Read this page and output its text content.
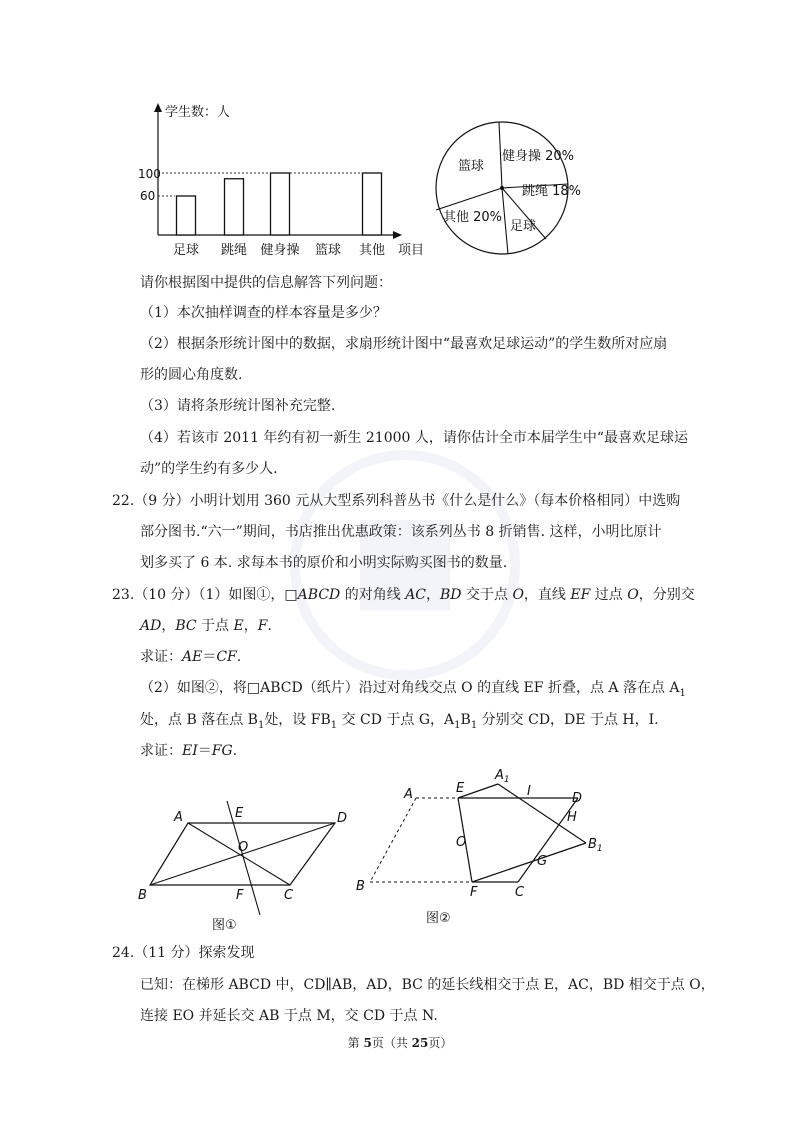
学生数：人
100
60
足球 跳绳 健身操 篮球 其他 项目
篮球
健身操 20%
跳绳 18%
足球
其他 20%
请你根据图中提供的信息解答下列问题：
（1）本次抽样调查的样本容量是多少？
（2）根据条形统计图中的数据，求扇形统计图中“最喜欢足球运动”的学生数所对应扇
形的圆心角度数.
（3）请将条形统计图补充完整.
（4）若该市 2011 年约有初一新生 21000 人，请你估计全市本届学生中“最喜欢足球运
动”的学生约有多少人.
22.（9 分）小明计划用 360 元从大型系列科普丛书《什么是什么》（每本价格相同）中选购
部分图书.“六一”期间，书店推出优惠政策：该系列丛书 8 折销售. 这样，小明比原计
划多买了 6 本. 求每本书的原价和小明实际购买图书的数量.
23.（10 分）（1）如图①，□ABCD 的对角线 AC，BD 交于点 O，直线 EF 过点 O，分别交
AD，BC 于点 E，F.
求证：AE＝CF.
（2）如图②，将□ABCD（纸片）沿过对角线交点 O 的直线 EF 折叠，点 A 落在点 $A_1$
处，点 B 落在点 $B_1$处，设 $FB_1$ 交 CD 于点 G，$A_1B_1$ 分别交 CD，DE 于点 H，I.
求证：EI＝FG.
A	E	D
O
B	F	C
图①
A	E
$A_1$
I	D
H
$B_1$
O
G
B	F	C
图②
24.（11 分）探索发现
已知：在梯形 ABCD 中，CD∥AB，AD，BC 的延长线相交于点 E，AC，BD 相交于点 O，
连接 EO 并延长交 AB 于点 M，交 CD 于点 N.
第 5页（共 25页）
